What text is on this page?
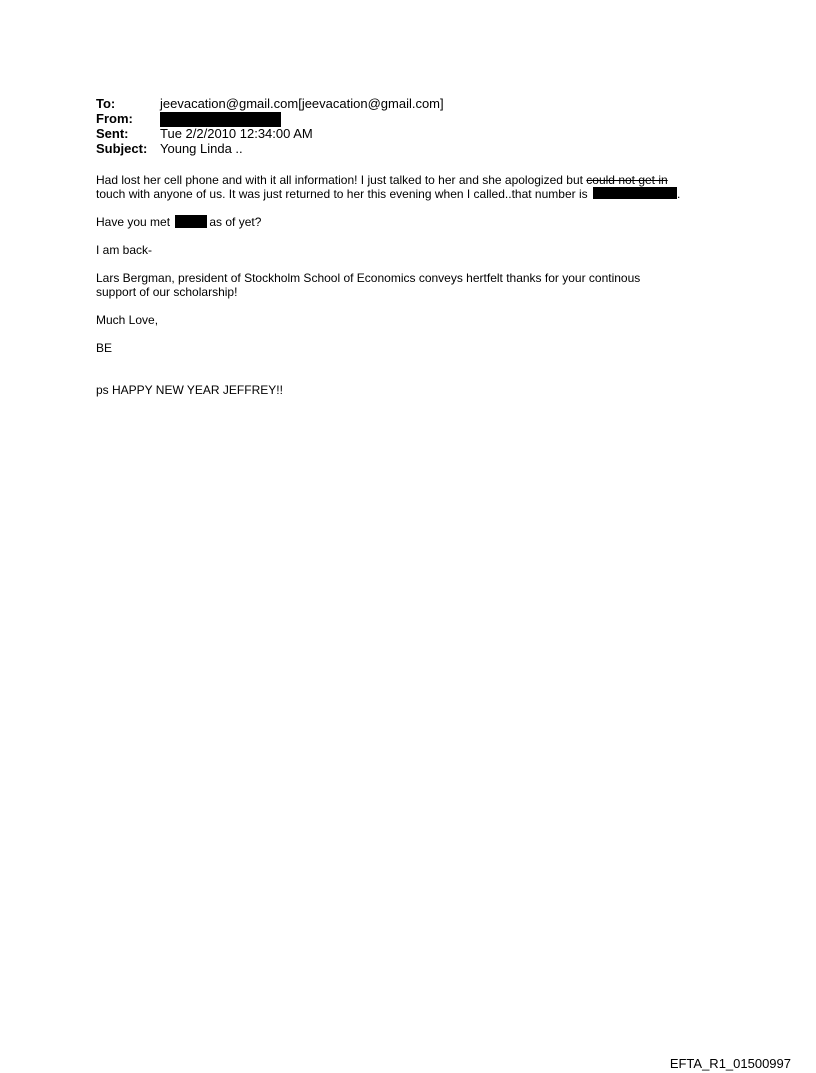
To:	jeevacation@gmail.com[jeevacation@gmail.com]
From:
Sent:	Tue 2/2/2010 12:34:00 AM
Subject: Young Linda ..
Had lost her cell phone and with it all information! I just talked to her and she apologized but could not get in
touch with anyone of us. It was just returned to her this evening when I called..that number is	.
Have you met	as of yet?
I am back-
Lars Bergman, president of Stockholm School of Economics conveys hertfelt thanks for your continous
support of our scholarship!
Much Love,
BE
ps HAPPY NEW YEAR JEFFREY!!
EFTA_R1_01500997
